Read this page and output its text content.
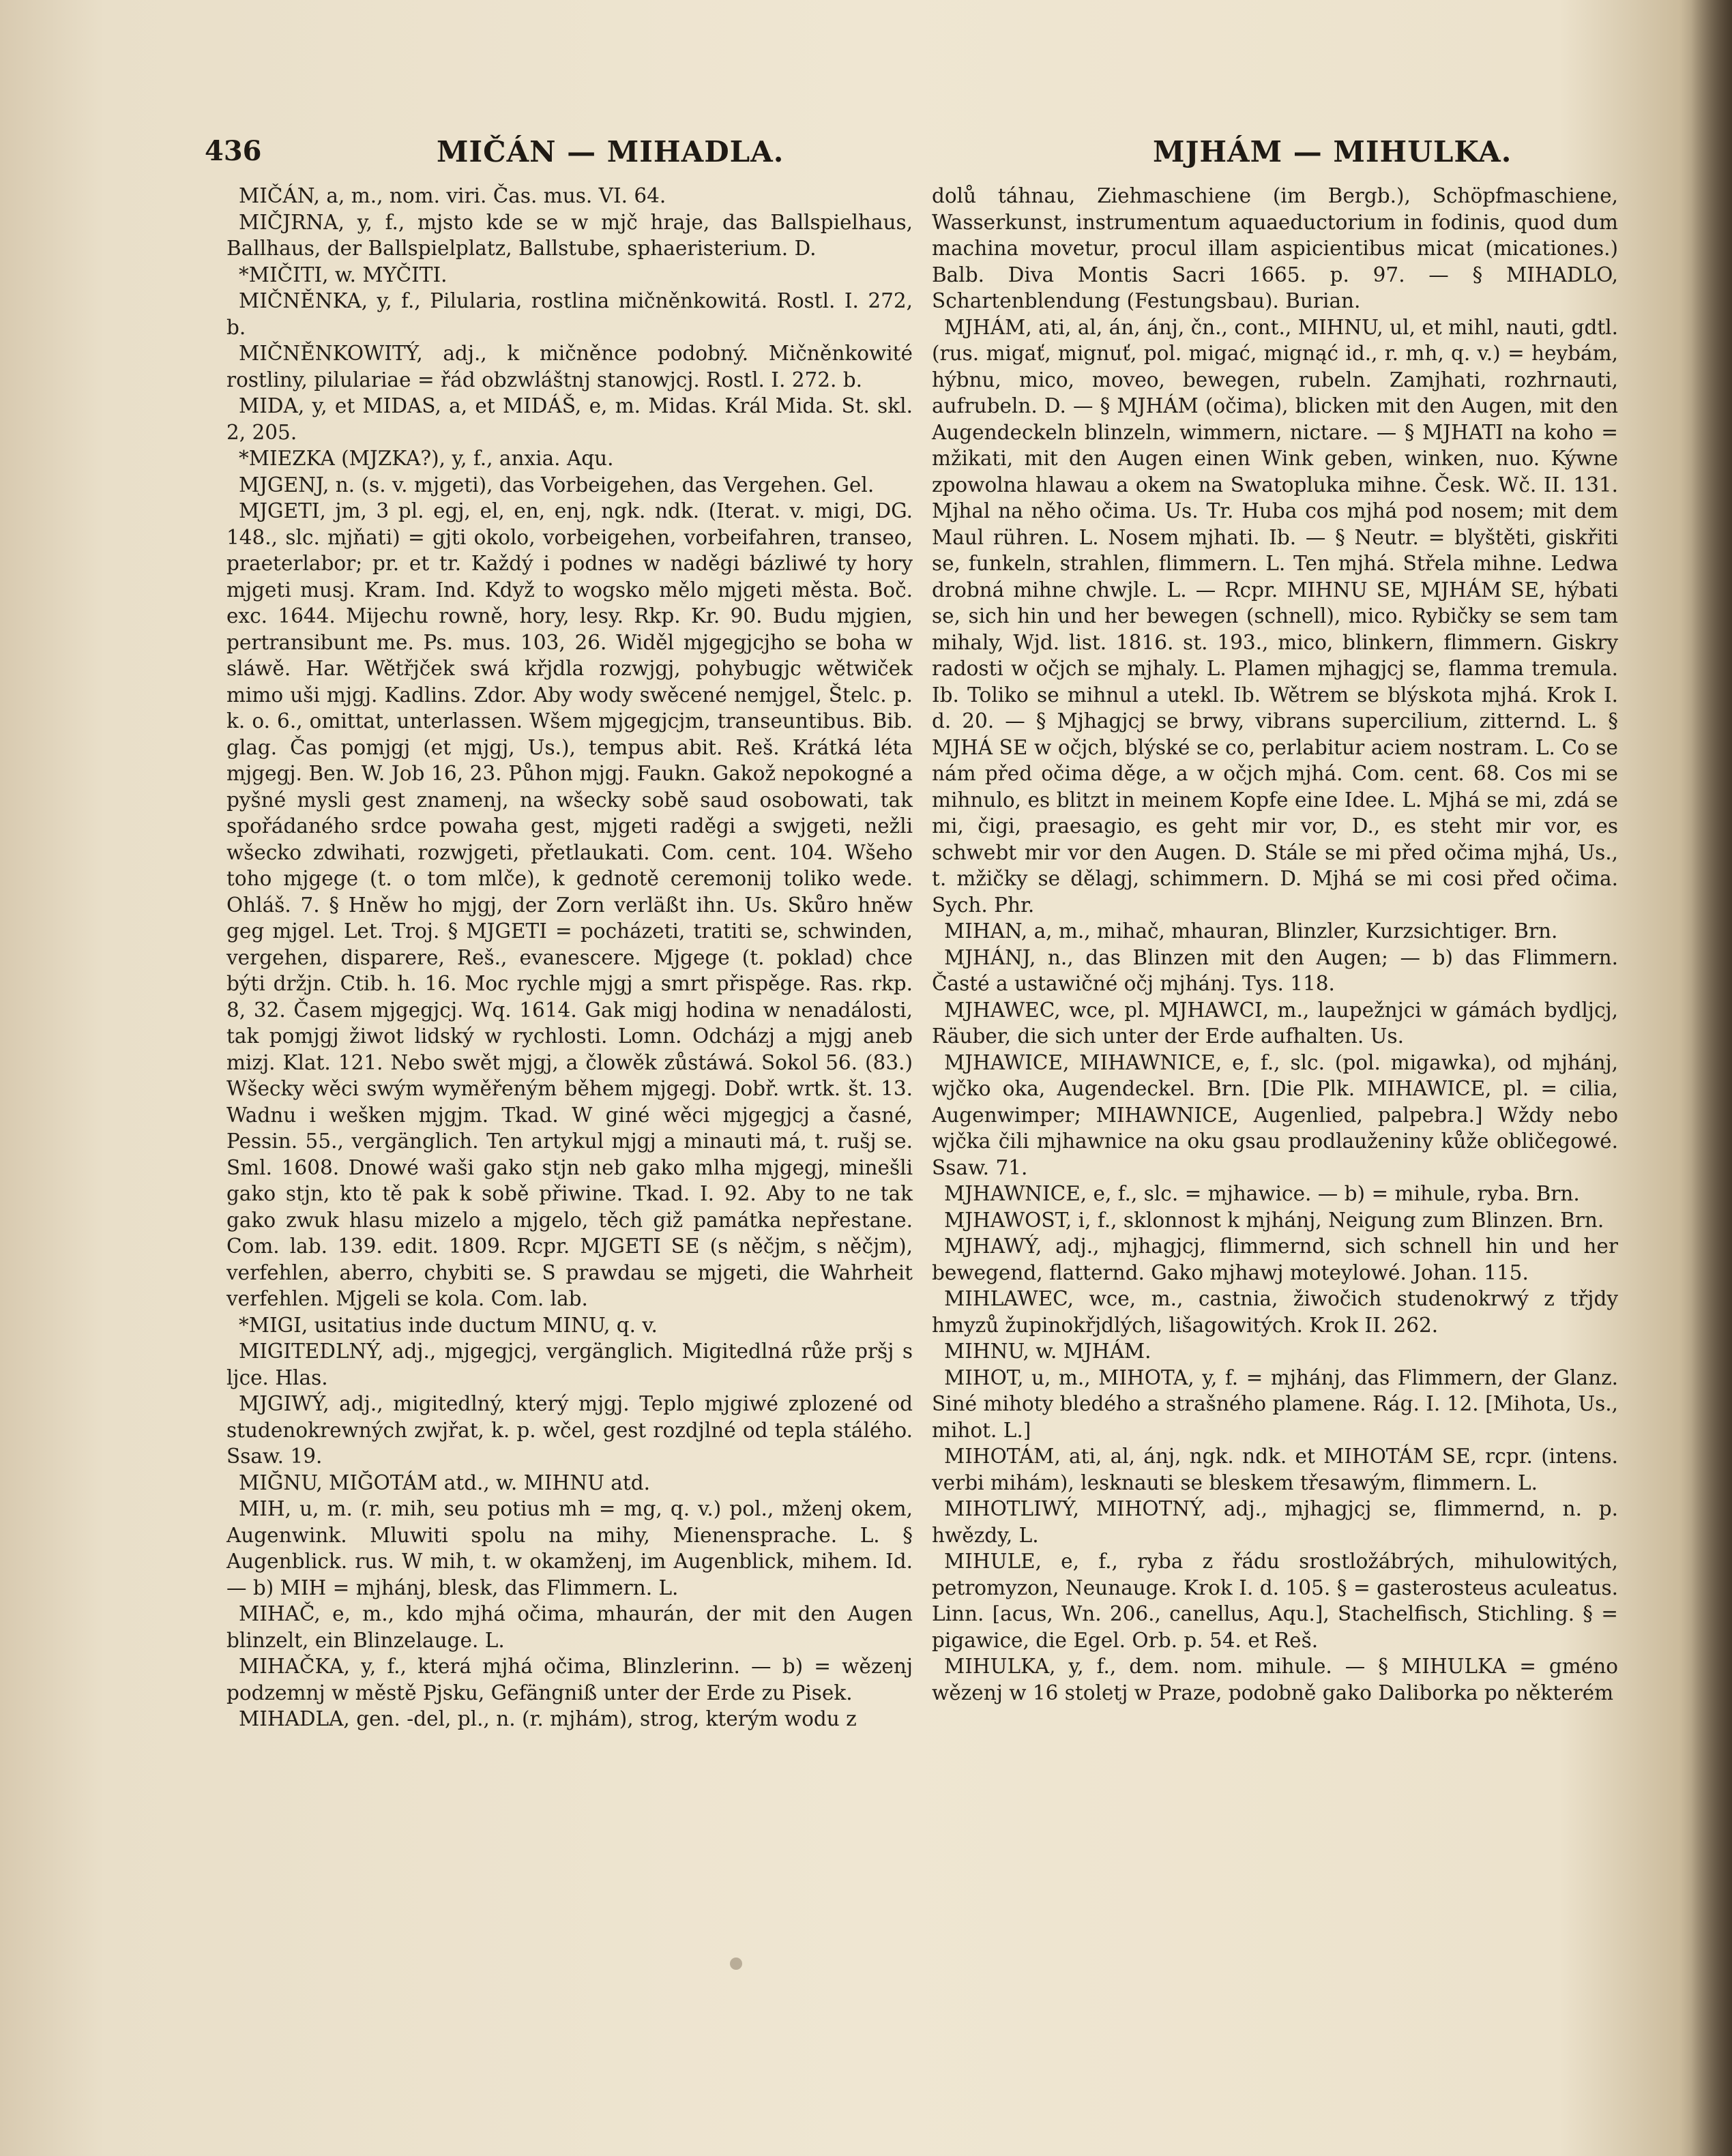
436	MIČÁN — MIHADLA.	MJHÁM — MIHULKA.

MIČÁN, a, m., nom. viri. Čas. mus. VI. 64.

MIČJRNA, y, f., mjsto kde se w mjč hraje, das Ballspielhaus, Ballhaus, der Ballspielplatz, Ballstube, sphaeristerium. D.

*MIČITI, w. MYČITI.

MIČNĚNKA, y, f., Pilularia, rostlina mičněnkowitá. Rostl. I. 272, b.

MIČNĚNKOWITÝ, adj., k mičněnce podobný. Mičněnkowité rostliny, pilulariae = řád obzwláštnj stanowjcj. Rostl. I. 272. b.

MIDA, y, et MIDAS, a, et MIDÁŠ, e, m. Midas. Král Mida. St. skl. 2, 205.

*MIEZKA (MJZKA?), y, f., anxia. Aqu.

MJGENJ, n. (s. v. mjgeti), das Vorbeigehen, das Vergehen. Gel.

MJGETI, jm, 3 pl. egj, el, en, enj, ngk. ndk. (Iterat. v. migi, DG. 148., slc. mjňati) = gjti okolo, vorbeigehen, vorbeifahren, transeo, praeterlabor; pr. et tr. Každý i podnes w naděgi bázliwé ty hory mjgeti musj. Kram. Ind. Když to wogsko mělo mjgeti města. Boč. exc. 1644. Mijechu rowně, hory, lesy. Rkp. Kr. 90. Budu mjgien, pertransibunt me. Ps. mus. 103, 26. Widěl mjgegjcjho se boha w sláwě. Har. Wětřjček swá křjdla rozwjgj, pohybugjc wětwiček mimo uši mjgj. Kadlins. Zdor. Aby wody swěcené nemjgel, Štelc. p. k. o. 6., omittat, unterlassen. Wšem mjgegjcjm, transeuntibus. Bib. glag. Čas pomjgj (et mjgj, Us.), tempus abit. Reš. Krátká léta mjgegj. Ben. W. Job 16, 23. Půhon mjgj. Faukn. Gakož nepokogné a pyšné mysli gest znamenj, na wšecky sobě saud osobowati, tak spořádaného srdce powaha gest, mjgeti raděgi a swjgeti, nežli wšecko zdwihati, rozwjgeti, přetlaukati. Com. cent. 104. Wšeho toho mjgege (t. o tom mlče), k gednotě ceremonij toliko wede. Ohláš. 7. § Hněw ho mjgj, der Zorn verläßt ihn. Us. Skůro hněw geg mjgel. Let. Troj. § MJGETI = pocházeti, tratiti se, schwinden, vergehen, disparere, Reš., evanescere. Mjgege (t. poklad) chce býti držjn. Ctib. h. 16. Moc rychle mjgj a smrt přispěge. Ras. rkp. 8, 32. Časem mjgegjcj. Wq. 1614. Gak migj hodina w nenadálosti, tak pomjgj žiwot lidský w rychlosti. Lomn. Odcházj a mjgj aneb mizj. Klat. 121. Nebo swět mjgj, a člowěk zůstáwá. Sokol 56. (83.) Wšecky wěci swým wyměřeným během mjgegj. Dobř. wrtk. št. 13. Wadnu i wešken mjgjm. Tkad. W giné wěci mjgegjcj a časné, Pessin. 55., vergänglich. Ten artykul mjgj a minauti má, t. rušj se. Sml. 1608. Dnowé waši gako stjn neb gako mlha mjgegj, minešli gako stjn, kto tě pak k sobě přiwine. Tkad. I. 92. Aby to ne tak gako zwuk hlasu mizelo a mjgelo, těch giž památka nepřestane. Com. lab. 139. edit. 1809. Rcpr. MJGETI SE (s něčjm, s něčjm), verfehlen, aberro, chybiti se. S prawdau se mjgeti, die Wahrheit verfehlen. Mjgeli se kola. Com. lab.

*MIGI, usitatius inde ductum MINU, q. v.

MIGITEDLNÝ, adj., mjgegjcj, vergänglich. Migitedlná růže pršj s ljce. Hlas.

MJGIWÝ, adj., migitedlný, který mjgj. Teplo mjgiwé zplozené od studenokrewných zwjřat, k. p. wčel, gest rozdjlné od tepla stálého. Ssaw. 19.

MIĞNU, MIĞOTÁM atd., w. MIHNU atd.

MIH, u, m. (r. mih, seu potius mh = mg, q. v.) pol., mženj okem, Augenwink. Mluwiti spolu na mihy, Mienensprache. L. § Augenblick. rus. W mih, t. w okamženj, im Augenblick, mihem. Id. — b) MIH = mjhánj, blesk, das Flimmern. L.

MIHAČ, e, m., kdo mjhá očima, mhaurán, der mit den Augen blinzelt, ein Blinzelauge. L.

MIHAČKA, y, f., která mjhá očima, Blinzlerinn. — b) = wězenj podzemnj w městě Pjsku, Gefängniß unter der Erde zu Pisek.

MIHADLA, gen. -del, pl., n. (r. mjhám), strog, kterým wodu z

dolů táhnau, Ziehmaschiene (im Bergb.), Schöpfmaschiene, Wasserkunst, instrumentum aquaeductorium in fodinis, quod dum machina movetur, procul illam aspicientibus micat (micationes.) Balb. Diva Montis Sacri 1665. p. 97. — § MIHADLO, Schartenblendung (Festungsbau). Burian.

MJHÁM, ati, al, án, ánj, čn., cont., MIHNU, ul, et mihl, nauti, gdtl. (rus. migať, mignuť, pol. migać, mignąć id., r. mh, q. v.) = heybám, hýbnu, mico, moveo, bewegen, rubeln. Zamjhati, rozhrnauti, aufrubeln. D. — § MJHÁM (očima), blicken mit den Augen, mit den Augendeckeln blinzeln, wimmern, nictare. — § MJHATI na koho = mžikati, mit den Augen einen Wink geben, winken, nuo. Kýwne zpowolna hlawau a okem na Swatopluka mihne. Česk. Wč. II. 131. Mjhal na něho očima. Us. Tr. Huba cos mjhá pod nosem; mit dem Maul rühren. L. Nosem mjhati. Ib. — § Neutr. = blyštěti, giskřiti se, funkeln, strahlen, flimmern. L. Ten mjhá. Střela mihne. Ledwa drobná mihne chwjle. L. — Rcpr. MIHNU SE, MJHÁM SE, hýbati se, sich hin und her bewegen (schnell), mico. Rybičky se sem tam mihaly, Wjd. list. 1816. st. 193., mico, blinkern, flimmern. Giskry radosti w očjch se mjhaly. L. Plamen mjhagjcj se, flamma tremula. Ib. Toliko se mihnul a utekl. Ib. Wětrem se blýskota mjhá. Krok I. d. 20. — § Mjhagjcj se brwy, vibrans supercilium, zitternd. L. § MJHÁ SE w očjch, blýské se co, perlabitur aciem nostram. L. Co se nám před očima děge, a w očjch mjhá. Com. cent. 68. Cos mi se mihnulo, es blitzt in meinem Kopfe eine Idee. L. Mjhá se mi, zdá se mi, čigi, praesagio, es geht mir vor, D., es steht mir vor, es schwebt mir vor den Augen. D. Stále se mi před očima mjhá, Us., t. mžičky se dělagj, schimmern. D. Mjhá se mi cosi před očima. Sych. Phr.

MIHAN, a, m., mihač, mhauran, Blinzler, Kurzsichtiger. Brn.

MJHÁNJ, n., das Blinzen mit den Augen; — b) das Flimmern. Časté a ustawičné očj mjhánj. Tys. 118.

MJHAWEC, wce, pl. MJHAWCI, m., laupežnjci w gámách bydljcj, Räuber, die sich unter der Erde aufhalten. Us.

MJHAWICE, MIHAWNICE, e, f., slc. (pol. migawka), od mjhánj, wjčko oka, Augendeckel. Brn. [Die Plk. MIHAWICE, pl. = cilia, Augenwimper; MIHAWNICE, Augenlied, palpebra.] Wždy nebo wjčka čili mjhawnice na oku gsau prodlauženiny kůže obličegowé. Ssaw. 71.

MJHAWNICE, e, f., slc. = mjhawice. — b) = mihule, ryba. Brn.

MJHAWOST, i, f., sklonnost k mjhánj, Neigung zum Blinzen. Brn.

MJHAWÝ, adj., mjhagjcj, flimmernd, sich schnell hin und her bewegend, flatternd. Gako mjhawj moteylowé. Johan. 115.

MIHLAWEC, wce, m., castnia, žiwočich studenokrwý z třjdy hmyzů župinokřjdlých, lišagowitých. Krok II. 262.

MIHNU, w. MJHÁM.

MIHOT, u, m., MIHOTA, y, f. = mjhánj, das Flimmern, der Glanz. Siné mihoty bledého a strašného plamene. Rág. I. 12. [Mihota, Us., mihot. L.]

MIHOTÁM, ati, al, ánj, ngk. ndk. et MIHOTÁM SE, rcpr. (intens. verbi mihám), lesknauti se bleskem třesawým, flimmern. L.

MIHOTLIWÝ, MIHOTNÝ, adj., mjhagjcj se, flimmernd, n. p. hwězdy, L.

MIHULE, e, f., ryba z řádu srostložábrých, mihulowitých, petromyzon, Neunauge. Krok I. d. 105. § = gasterosteus aculeatus. Linn. [acus, Wn. 206., canellus, Aqu.], Stachelfisch, Stichling. § = pigawice, die Egel. Orb. p. 54. et Reš.

MIHULKA, y, f., dem. nom. mihule. — § MIHULKA = gméno wězenj w 16 stoletj w Praze, podobně gako Daliborka po některém
